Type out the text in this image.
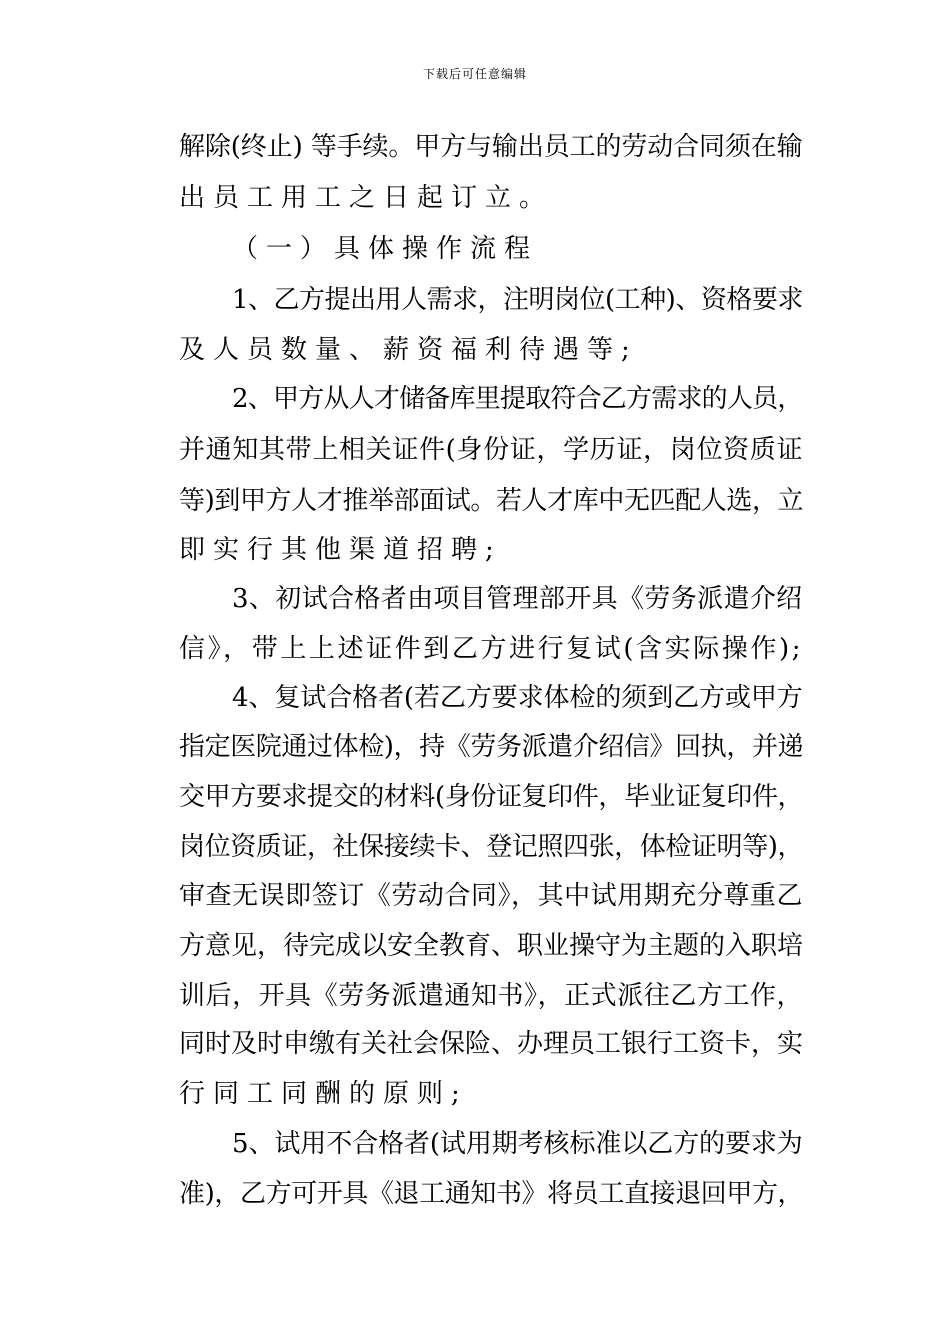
下载后可任意编辑
解除(终止) 等手续。甲方与输出员工的劳动合同须在输
出员工用工之日起订立。
（一）具体操作流程
1、乙方提出用人需求，注明岗位(工种)、资格要求
及人员数量、薪资福利待遇等;
2、甲方从人才储备库里提取符合乙方需求的人员，
并通知其带上相关证件(身份证，学历证，岗位资质证
等)到甲方人才推举部面试。若人才库中无匹配人选，立
即实行其他渠道招聘;
3、初试合格者由项目管理部开具《劳务派遣介绍
信》，带上上述证件到乙方进行复试(含实际操作);
4、复试合格者(若乙方要求体检的须到乙方或甲方
指定医院通过体检)，持《劳务派遣介绍信》回执，并递
交甲方要求提交的材料(身份证复印件，毕业证复印件，
岗位资质证，社保接续卡、登记照四张，体检证明等)，
审查无误即签订《劳动合同》，其中试用期充分尊重乙
方意见，待完成以安全教育、职业操守为主题的入职培
训后，开具《劳务派遣通知书》，正式派往乙方工作，
同时及时申缴有关社会保险、办理员工银行工资卡，实
行同工同酬的原则;
5、试用不合格者(试用期考核标准以乙方的要求为
准)，乙方可开具《退工通知书》将员工直接退回甲方，
